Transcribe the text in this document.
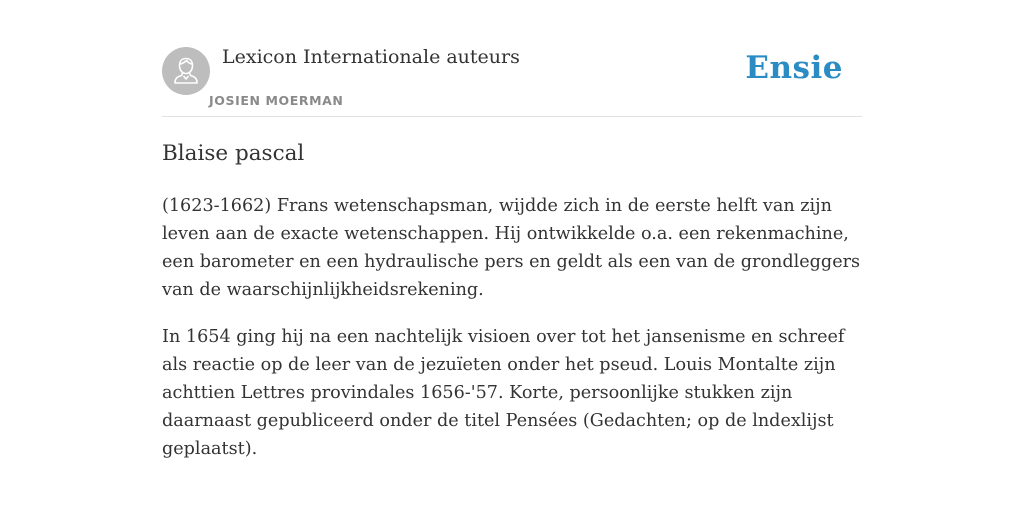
Lexicon Internationale auteurs
JOSIEN MOERMAN
Ensie
Blaise pascal

(1623-1662) Frans wetenschapsman, wijdde zich in de eerste helft van zijn leven aan de exacte wetenschappen. Hij ontwikkelde o.a. een rekenmachine, een barometer en een hydraulische pers en geldt als een van de grondleggers van de waarschijnlijkheidsrekening.

In 1654 ging hij na een nachtelijk visioen over tot het jansenisme en schreef als reactie op de leer van de jezuïeten onder het pseud. Louis Montalte zijn achttien Lettres provindales 1656-'57. Korte, persoonlijke stukken zijn daarnaast gepubliceerd onder de titel Pensées (Gedachten; op de lndexlijst geplaatst).
